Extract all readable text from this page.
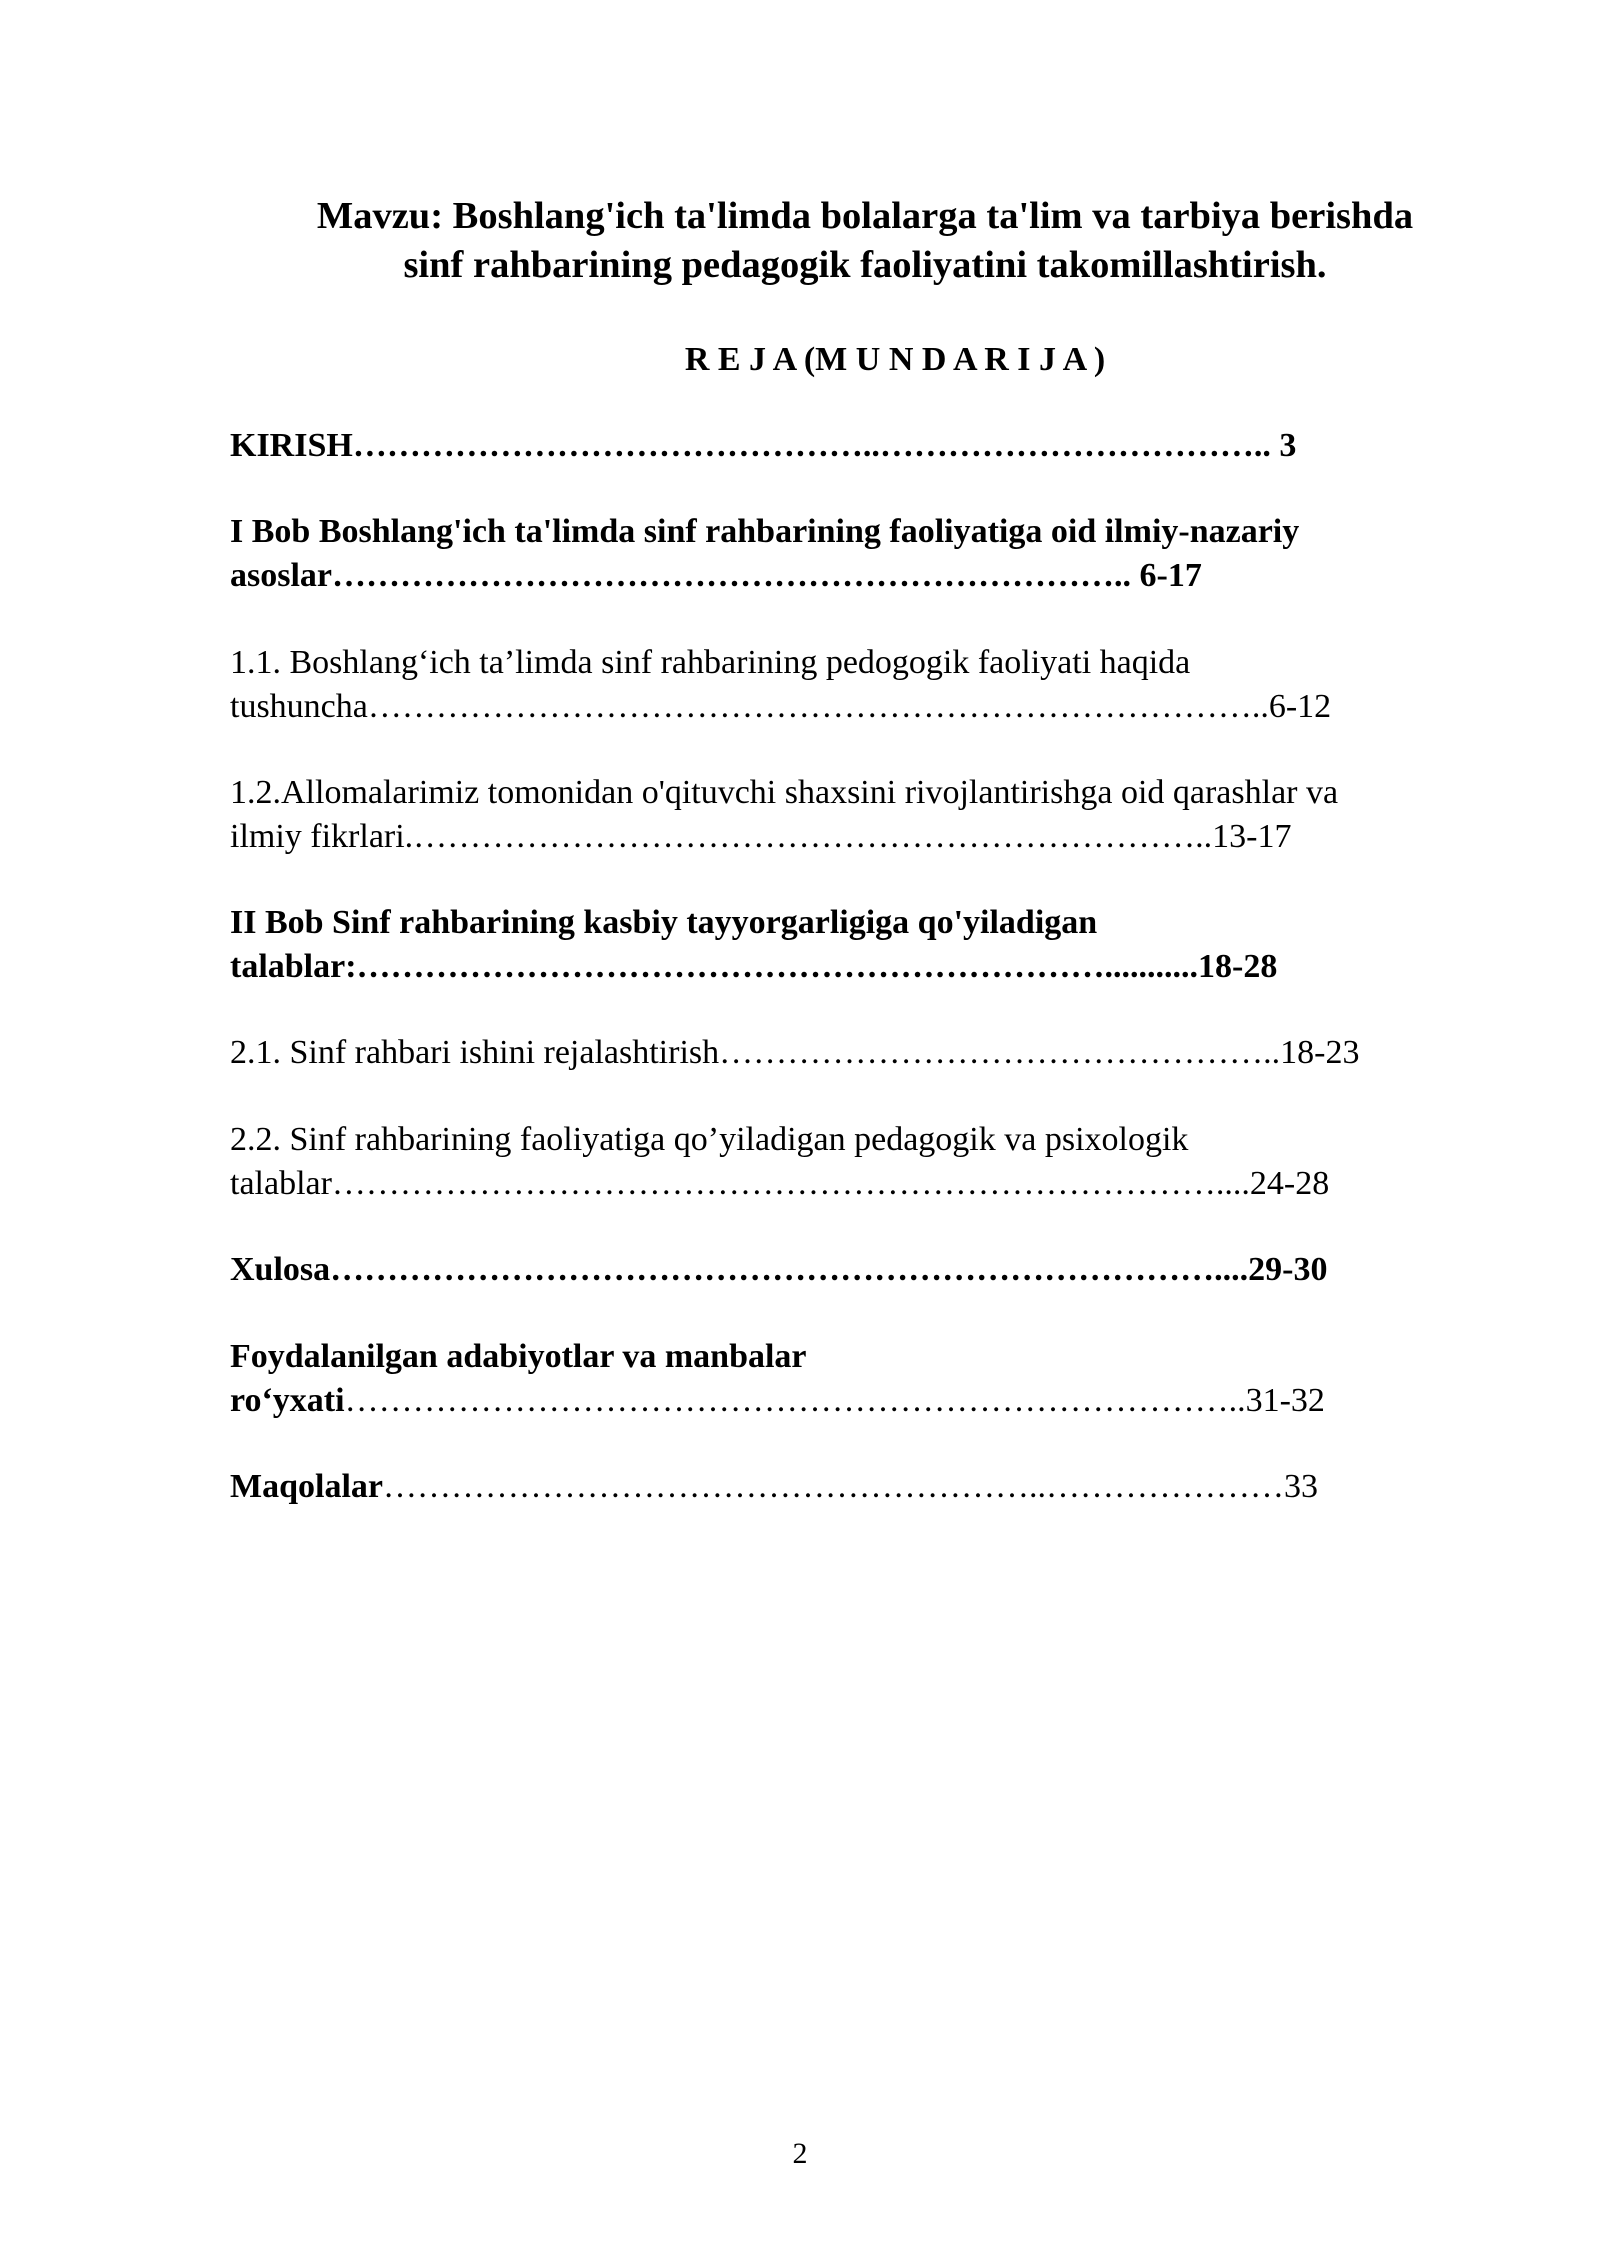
Mavzu: Boshlang'ich ta'limda bolalarga ta'lim va tarbiya berishda
sinf rahbarining pedagogik faoliyatini takomillashtirish.
R E J A (M U N D A R I J A )
KIRISH………………………………………..…………………………….. 3
I Bob Boshlang'ich ta'limda sinf rahbarining faoliyatiga oid ilmiy-nazariy
asoslar…………………………………………………………….. 6-17
1.1. Boshlang‘ich ta’limda sinf rahbarining pedogogik faoliyati haqida
tushuncha……………………………………………………………………..6-12
1.2.Allomalarimiz tomonidan o'qituvchi shaxsini rivojlantirishga oid qarashlar va
ilmiy fikrlari.……………………………………………………………..13-17
II Bob Sinf rahbarining kasbiy tayyorgarligiga qo'yiladigan
talablar:…………………………………………………………...........18-28
2.1. Sinf rahbari ishini rejalashtirish…………………………………………..18-23
2.2. Sinf rahbarining faoliyatiga qo’yiladigan pedagogik va psixologik
talablar……………………………………………………………………....24-28
Xulosa……………………………………………………………………....29-30
Foydalanilgan adabiyotlar va manbalar
ro‘yxati……………………………………………………………………..31-32
Maqolalar…………………………………………………..…………………33
2
